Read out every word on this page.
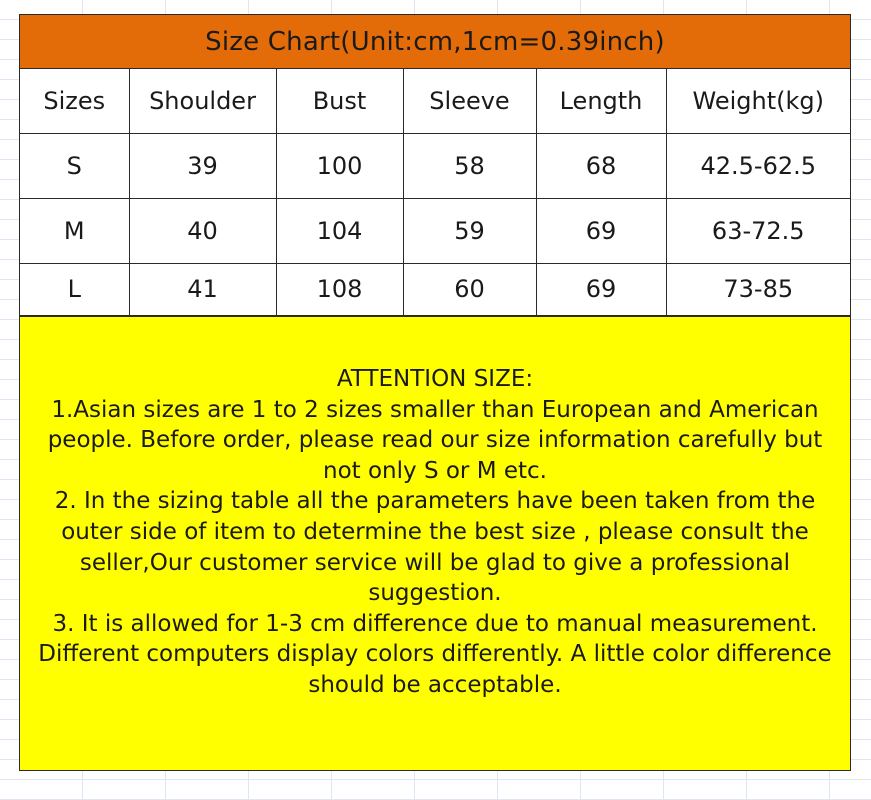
Size Chart(Unit:cm,1cm=0.39inch)
Sizes	Shoulder	Bust	Sleeve	Length	Weight(kg)
S	39	100	58	68	42.5-62.5
M	40	104	59	69	63-72.5
L	41	108	60	69	73-85

ATTENTION SIZE:

1.Asian sizes are 1 to 2 sizes smaller than European and American people. Before order, please read our size information carefully but not only S or M etc.

2. In the sizing table all the parameters have been taken from the outer side of item to determine the best size , please consult the seller,Our customer service will be glad to give a professional suggestion.

3. It is allowed for 1-3 cm difference due to manual measurement. Different computers display colors differently. A little color difference should be acceptable.
